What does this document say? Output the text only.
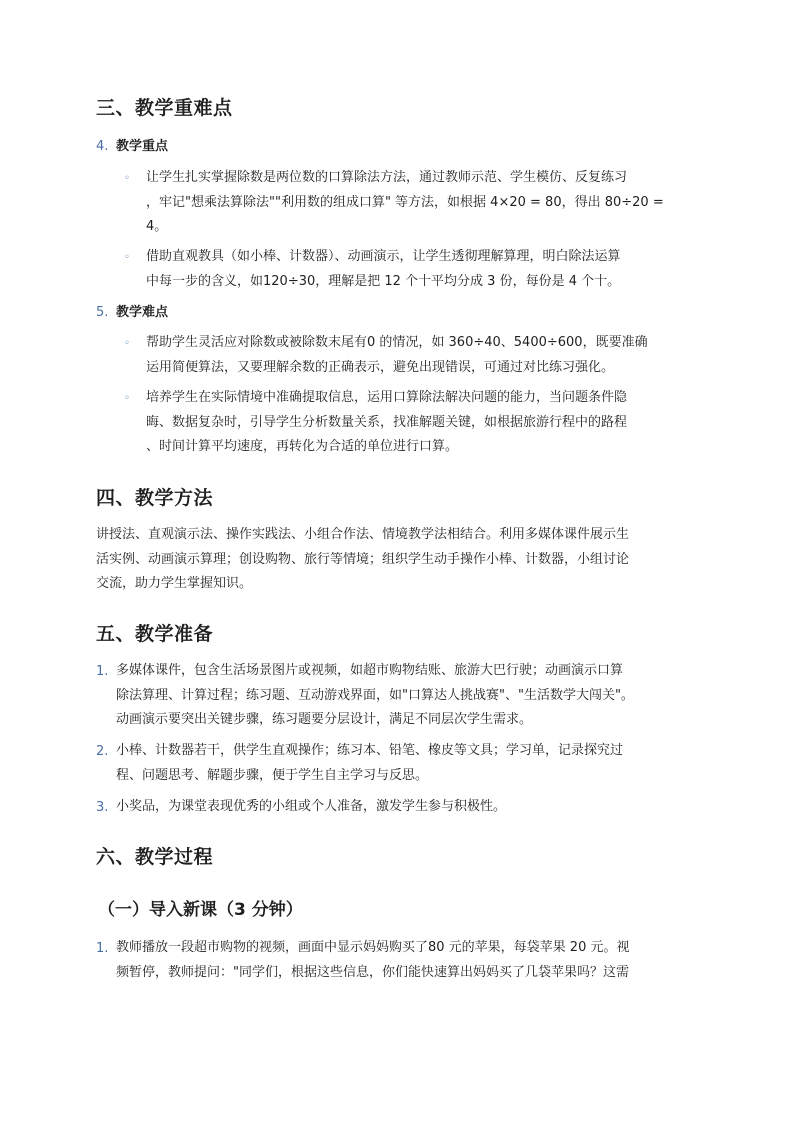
三、教学重难点
4. 教学重点
◦ 让学生扎实掌握除数是两位数的口算除法方法，通过教师示范、学生模仿、反复练习
，牢记"想乘法算除法""利用数的组成口算" 等方法，如根据 4×20 = 80，得出 80÷20 =
4。
◦ 借助直观教具（如小棒、计数器）、动画演示，让学生透彻理解算理，明白除法运算
中每一步的含义，如120÷30，理解是把 12 个十平均分成 3 份，每份是 4 个十。
5. 教学难点
◦ 帮助学生灵活应对除数或被除数末尾有0 的情况，如 360÷40、5400÷600，既要准确
运用简便算法，又要理解余数的正确表示，避免出现错误，可通过对比练习强化。
◦ 培养学生在实际情境中准确提取信息，运用口算除法解决问题的能力，当问题条件隐
晦、数据复杂时，引导学生分析数量关系，找准解题关键，如根据旅游行程中的路程
、时间计算平均速度，再转化为合适的单位进行口算。
四、教学方法
讲授法、直观演示法、操作实践法、小组合作法、情境教学法相结合。利用多媒体课件展示生
活实例、动画演示算理；创设购物、旅行等情境；组织学生动手操作小棒、计数器，小组讨论
交流，助力学生掌握知识。
五、教学准备
1. 多媒体课件，包含生活场景图片或视频，如超市购物结账、旅游大巴行驶；动画演示口算
除法算理、计算过程；练习题、互动游戏界面，如"口算达人挑战赛"、"生活数学大闯关"。
动画演示要突出关键步骤，练习题要分层设计，满足不同层次学生需求。
2. 小棒、计数器若干，供学生直观操作；练习本、铅笔、橡皮等文具；学习单，记录探究过
程、问题思考、解题步骤，便于学生自主学习与反思。
3. 小奖品，为课堂表现优秀的小组或个人准备，激发学生参与积极性。
六、教学过程
（一）导入新课（3 分钟）
1. 教师播放一段超市购物的视频，画面中显示妈妈购买了80 元的苹果，每袋苹果 20 元。视
频暂停，教师提问："同学们，根据这些信息，你们能快速算出妈妈买了几袋苹果吗？这需
